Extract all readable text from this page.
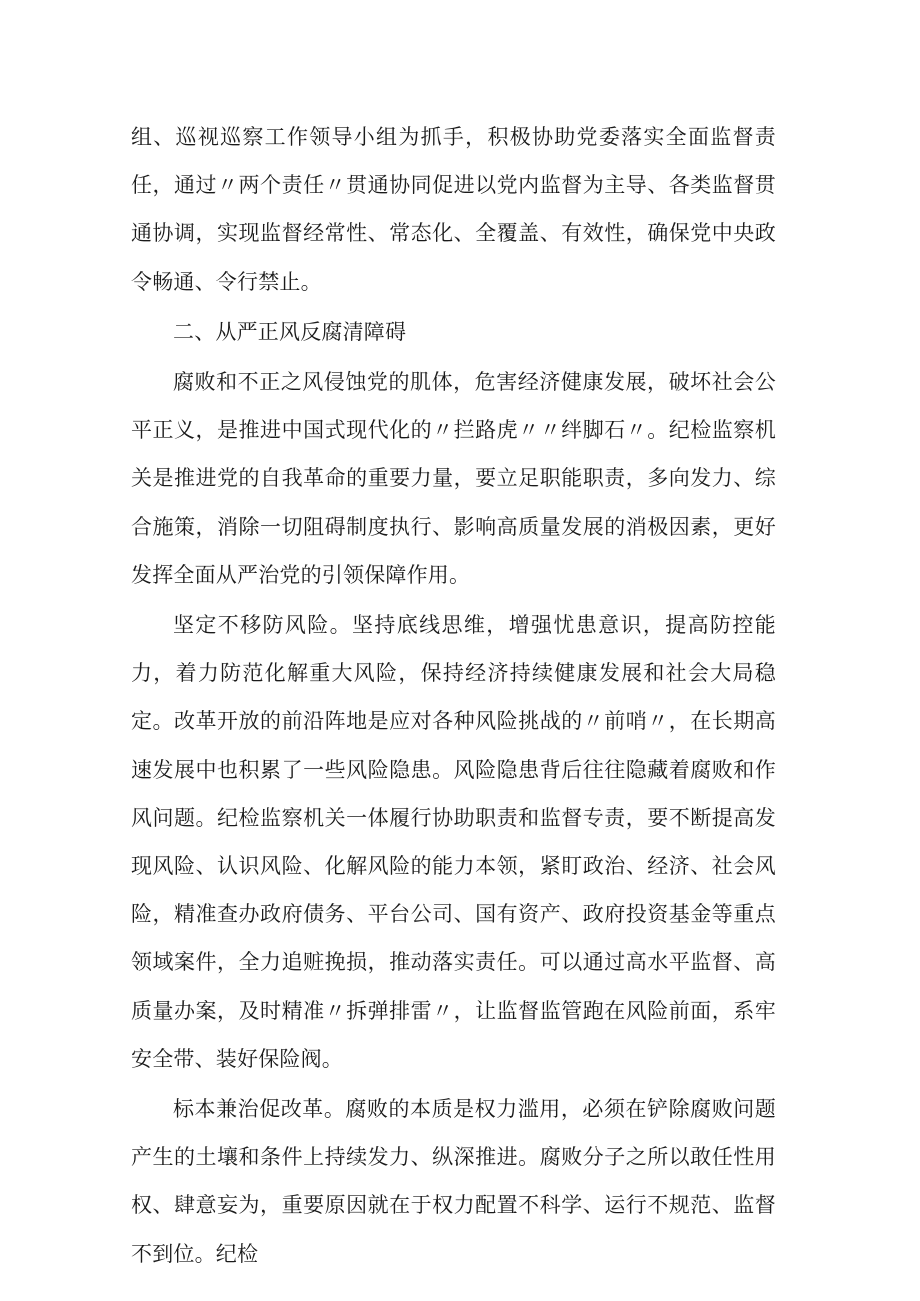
组、巡视巡察工作领导小组为抓手，积极协助党委落实全面监督责任，通过〃两个责任〃贯通协同促进以党内监督为主导、各类监督贯通协调，实现监督经常性、常态化、全覆盖、有效性，确保党中央政令畅通、令行禁止。

二、从严正风反腐清障碍

腐败和不正之风侵蚀党的肌体，危害经济健康发展，破坏社会公平正义，是推进中国式现代化的〃拦路虎〃〃绊脚石〃。纪检监察机关是推进党的自我革命的重要力量，要立足职能职责，多向发力、综合施策，消除一切阻碍制度执行、影响高质量发展的消极因素，更好发挥全面从严治党的引领保障作用。

坚定不移防风险。坚持底线思维，增强忧患意识，提高防控能力，着力防范化解重大风险，保持经济持续健康发展和社会大局稳定。改革开放的前沿阵地是应对各种风险挑战的〃前哨〃，在长期高速发展中也积累了一些风险隐患。风险隐患背后往往隐藏着腐败和作风问题。纪检监察机关一体履行协助职责和监督专责，要不断提高发现风险、认识风险、化解风险的能力本领，紧盯政治、经济、社会风险，精准查办政府债务、平台公司、国有资产、政府投资基金等重点领域案件，全力追赃挽损，推动落实责任。可以通过高水平监督、高质量办案，及时精准〃拆弹排雷〃，让监督监管跑在风险前面，系牢安全带、装好保险阀。

标本兼治促改革。腐败的本质是权力滥用，必须在铲除腐败问题产生的土壤和条件上持续发力、纵深推进。腐败分子之所以敢任性用权、肆意妄为，重要原因就在于权力配置不科学、运行不规范、监督不到位。纪检
